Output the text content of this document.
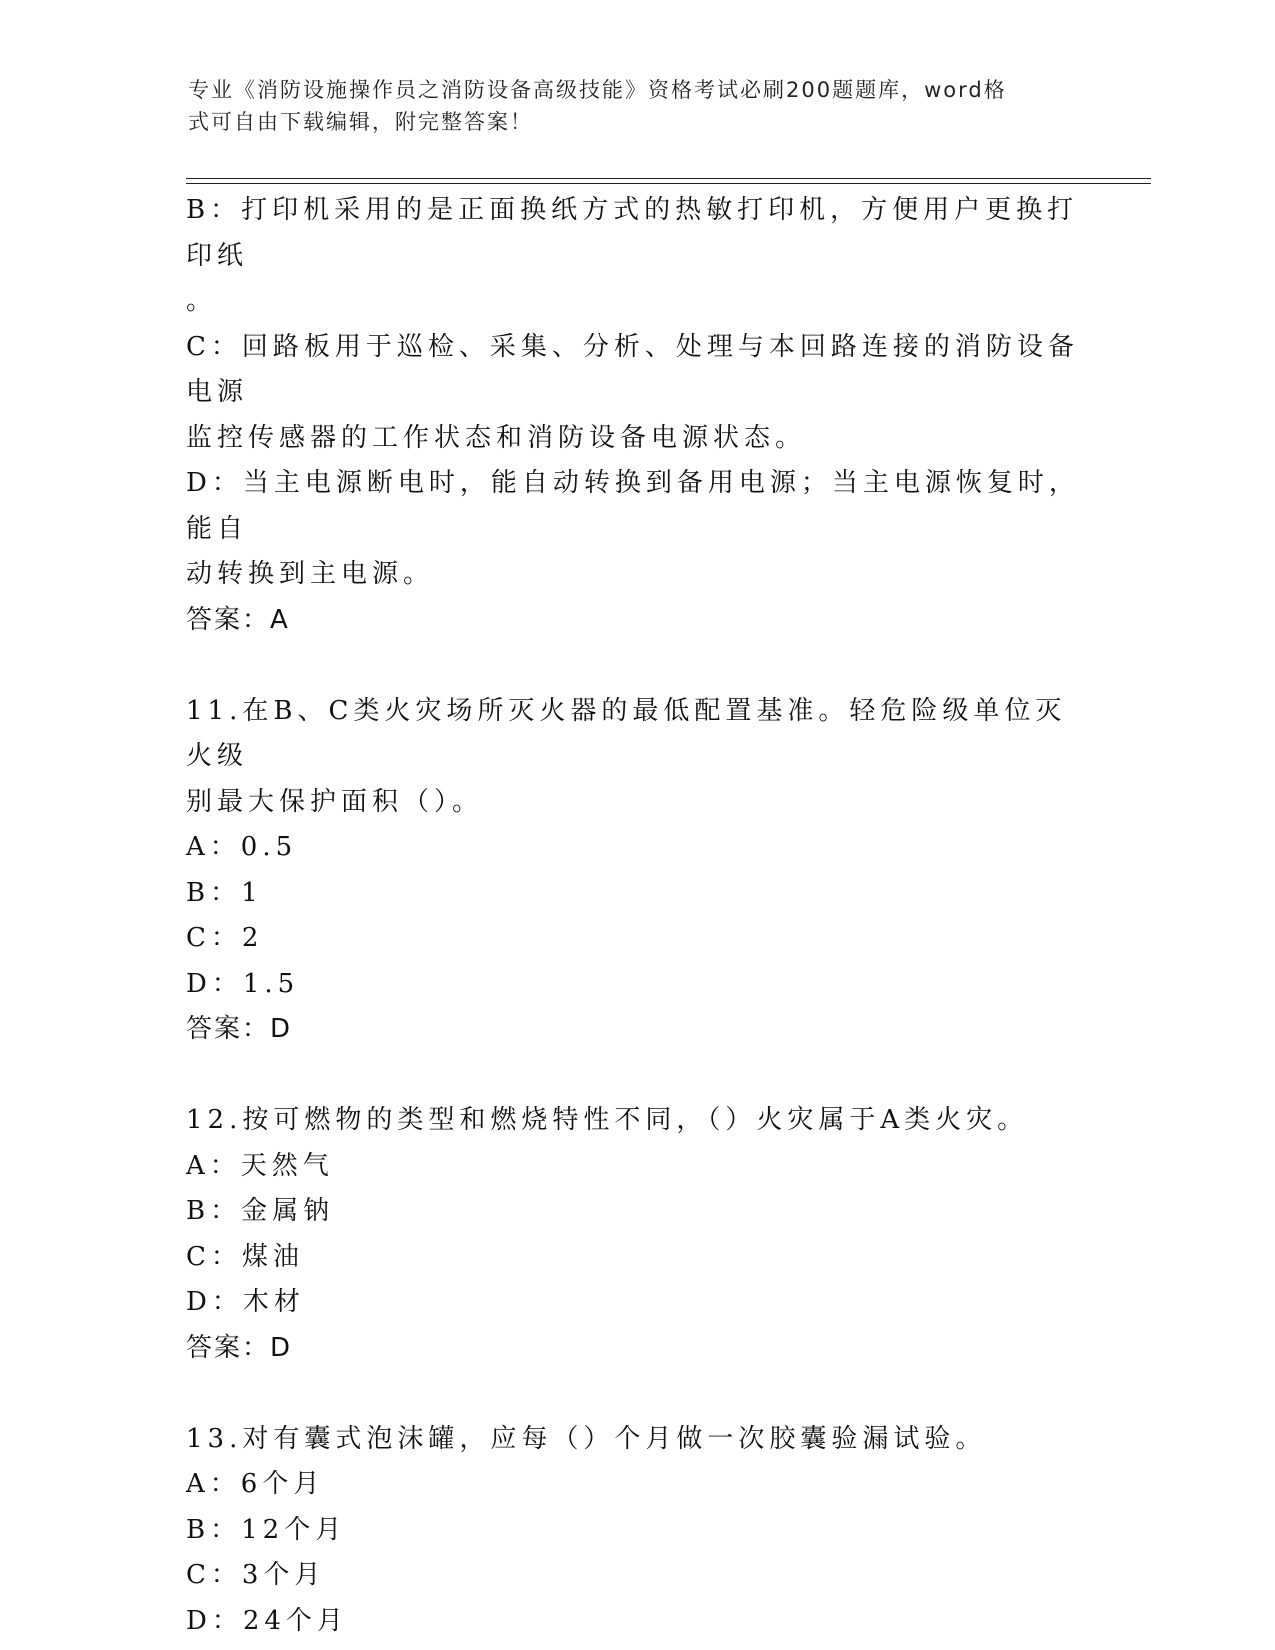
专业《消防设施操作员之消防设备高级技能》资格考试必刷200题题库，word格
式可自由下载编辑，附完整答案！
B：打印机采用的是正面换纸方式的热敏打印机，方便用户更换打印纸
。
C：回路板用于巡检、采集、分析、处理与本回路连接的消防设备电源
监控传感器的工作状态和消防设备电源状态。
D：当主电源断电时，能自动转换到备用电源；当主电源恢复时，能自
动转换到主电源。
答案：A
11.在B、C类火灾场所灭火器的最低配置基准。轻危险级单位灭火级
别最大保护面积（）。
A：0.5
B：1
C：2
D：1.5
答案：D
12.按可燃物的类型和燃烧特性不同，（）火灾属于A类火灾。
A：天然气
B：金属钠
C：煤油
D：木材
答案：D
13.对有囊式泡沫罐，应每（）个月做一次胶囊验漏试验。
A：6个月
B：12个月
C：3个月
D：24个月
